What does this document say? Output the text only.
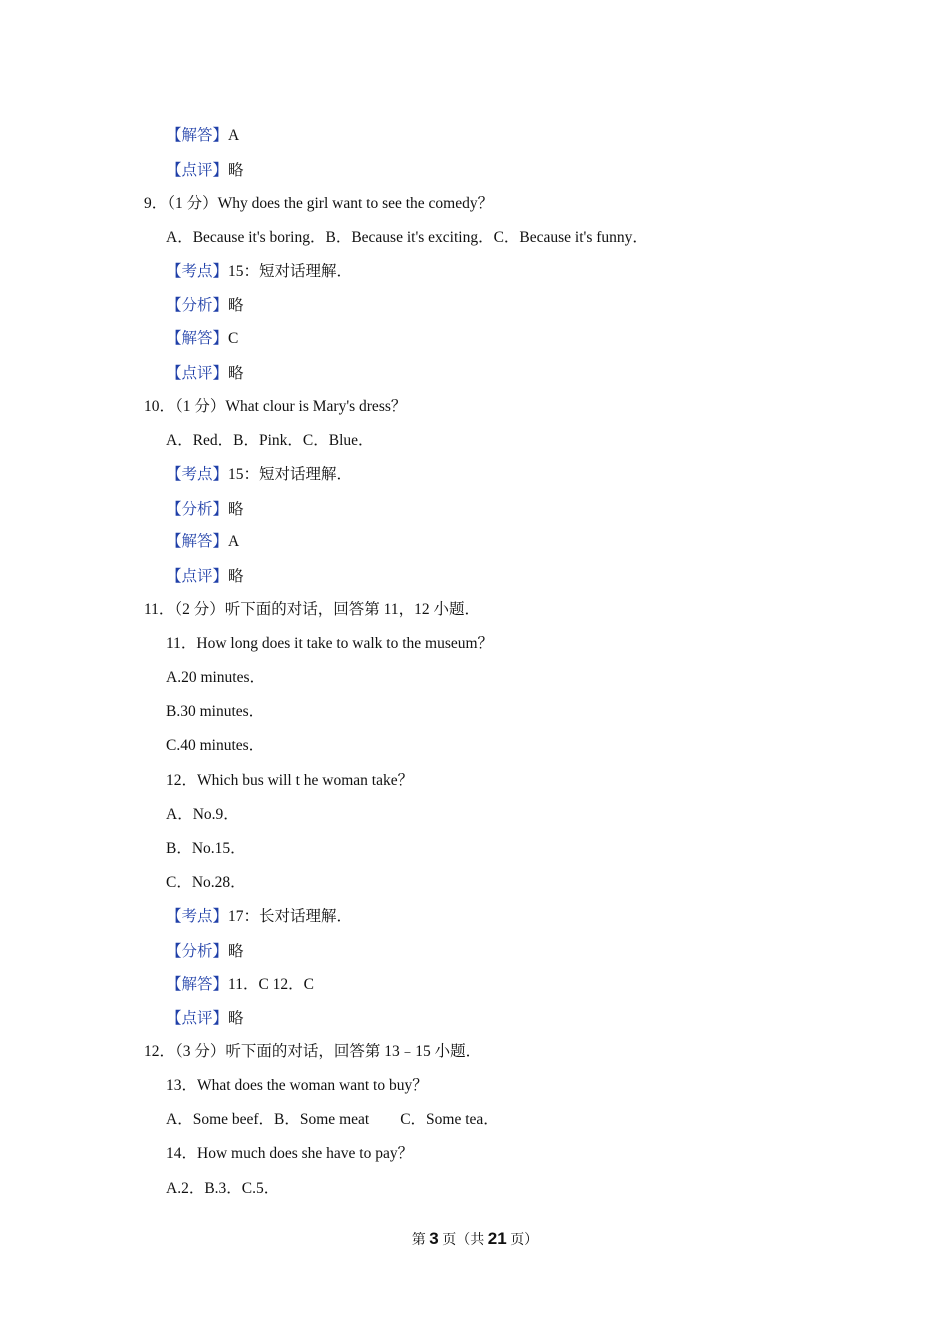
【解答】A
【点评】略
9．（1 分）Why does the girl want to see the comedy？
A．Because it's boring．B．Because it's exciting．C．Because it's funny．
【考点】15：短对话理解．
【分析】略
【解答】C
【点评】略
10．（1 分）What clour is Mary's dress？
A．Red．B．Pink．C．Blue．
【考点】15：短对话理解．
【分析】略
【解答】A
【点评】略
11．（2 分）听下面的对话，回答第 11，12 小题．
11．How long does it take to walk to the museum？
A.20 minutes．
B.30 minutes．
C.40 minutes．
12．Which bus will t he woman take？
A．No.9．
B．No.15．
C．No.28．
【考点】17：长对话理解．
【分析】略
【解答】11．C 12．C
【点评】略
12．（3 分）听下面的对话，回答第 13﹣15 小题．
13．What does the woman want to buy？
A．Some beef．B．Some meat　　C．Some tea．
14．How much does she have to pay？
A.2．B.3．C.5．
第 3 页（共 21 页）
